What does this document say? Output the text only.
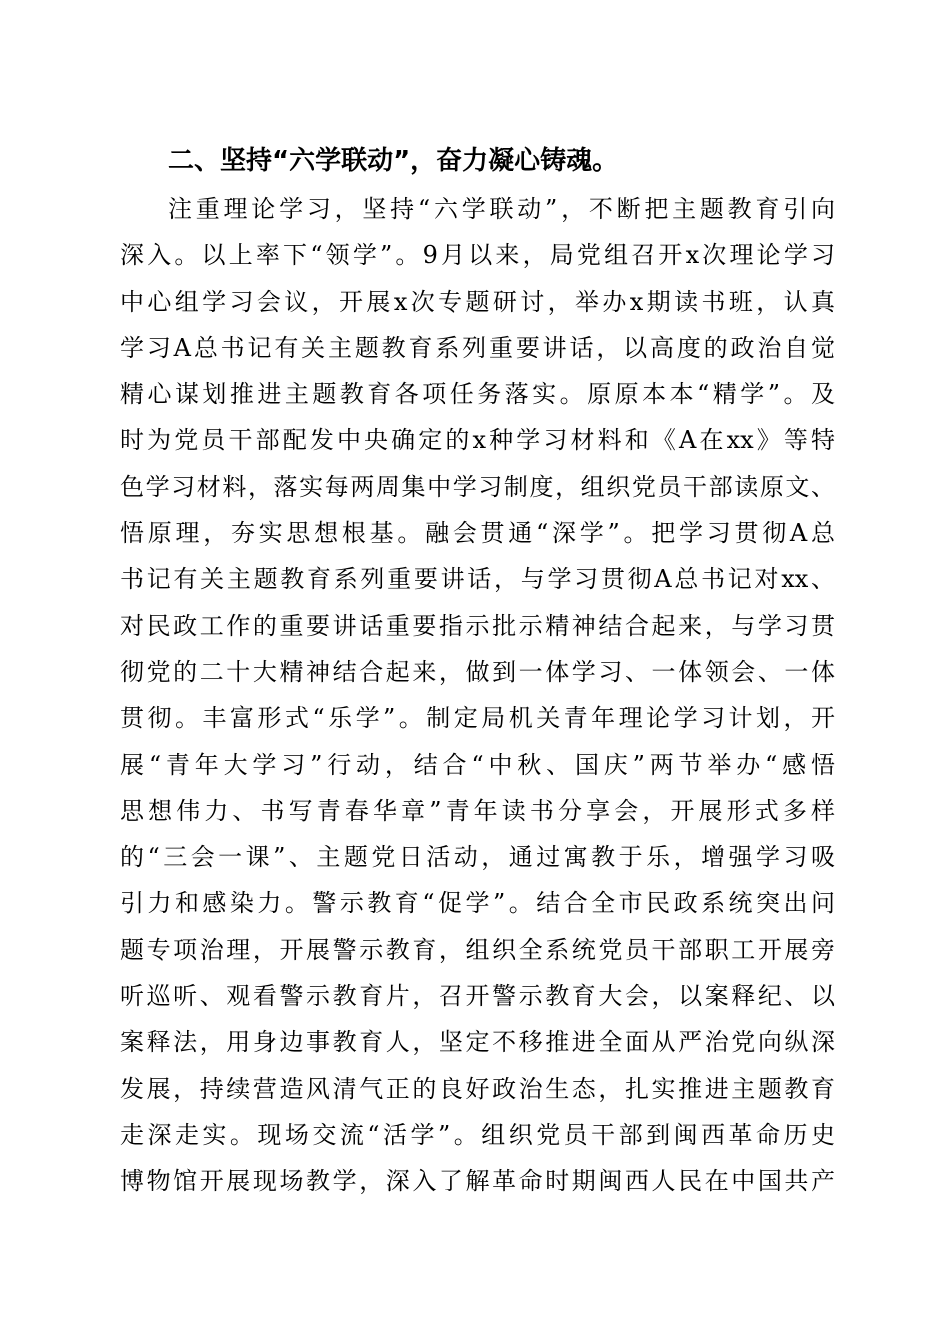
二、坚持“六学联动”，奋力凝心铸魂。
注重理论学习，坚持“六学联动”，不断把主题教育引向
深入。以上率下“领学”。9月以来，局党组召开x次理论学习
中心组学习会议，开展x次专题研讨，举办x期读书班，认真
学习A总书记有关主题教育系列重要讲话，以高度的政治自觉
精心谋划推进主题教育各项任务落实。原原本本“精学”。及
时为党员干部配发中央确定的x种学习材料和《A在xx》等特
色学习材料，落实每两周集中学习制度，组织党员干部读原文、
悟原理，夯实思想根基。融会贯通“深学”。把学习贯彻A总
书记有关主题教育系列重要讲话，与学习贯彻A总书记对xx、
对民政工作的重要讲话重要指示批示精神结合起来，与学习贯
彻党的二十大精神结合起来，做到一体学习、一体领会、一体
贯彻。丰富形式“乐学”。制定局机关青年理论学习计划，开
展“青年大学习”行动，结合“中秋、国庆”两节举办“感悟
思想伟力、书写青春华章”青年读书分享会，开展形式多样
的“三会一课”、主题党日活动，通过寓教于乐，增强学习吸
引力和感染力。警示教育“促学”。结合全市民政系统突出问
题专项治理，开展警示教育，组织全系统党员干部职工开展旁
听巡听、观看警示教育片，召开警示教育大会，以案释纪、以
案释法，用身边事教育人，坚定不移推进全面从严治党向纵深
发展，持续营造风清气正的良好政治生态，扎实推进主题教育
走深走实。现场交流“活学”。组织党员干部到闽西革命历史
博物馆开展现场教学，深入了解革命时期闽西人民在中国共产
